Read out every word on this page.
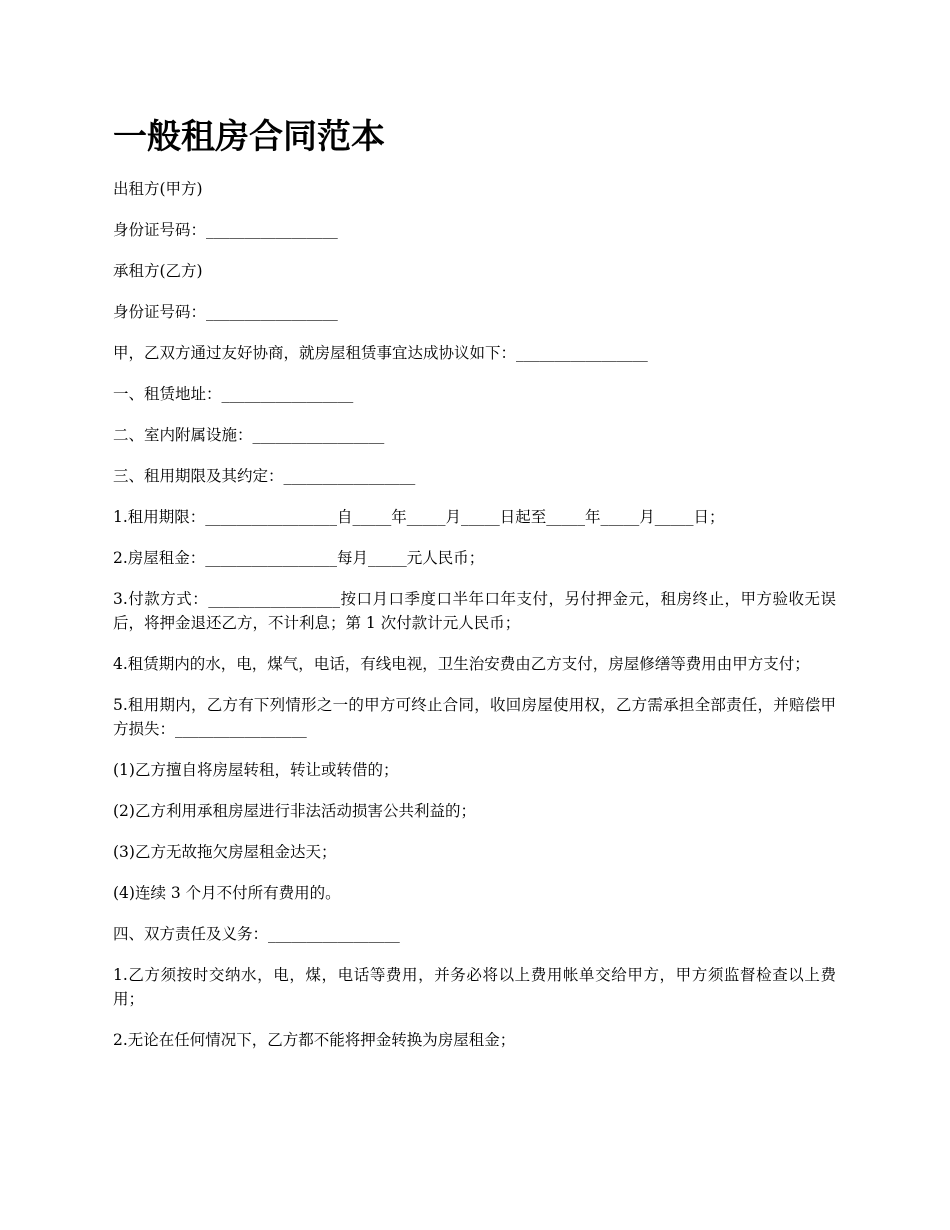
一般租房合同范本

出租方(甲方)

身份证号码：_________________

承租方(乙方)

身份证号码：_________________

甲，乙双方通过友好协商，就房屋租赁事宜达成协议如下：_________________

一、租赁地址：_________________

二、室内附属设施：_________________

三、租用期限及其约定：_________________

1.租用期限：_________________自_____年_____月_____日起至_____年_____月_____日；

2.房屋租金：_________________每月_____元人民币；

3.付款方式：_________________按口月口季度口半年口年支付，另付押金元，租房终止，甲方验收无误后，将押金退还乙方，不计利息；第 1 次付款计元人民币；

4.租赁期内的水，电，煤气，电话，有线电视，卫生治安费由乙方支付，房屋修缮等费用由甲方支付；

5.租用期内，乙方有下列情形之一的甲方可终止合同，收回房屋使用权，乙方需承担全部责任，并赔偿甲方损失：_________________

(1)乙方擅自将房屋转租，转让或转借的；

(2)乙方利用承租房屋进行非法活动损害公共利益的；

(3)乙方无故拖欠房屋租金达天；

(4)连续 3 个月不付所有费用的。

四、双方责任及义务：_________________

1.乙方须按时交纳水，电，煤，电话等费用，并务必将以上费用帐单交给甲方，甲方须监督检查以上费用；

2.无论在任何情况下，乙方都不能将押金转换为房屋租金；
